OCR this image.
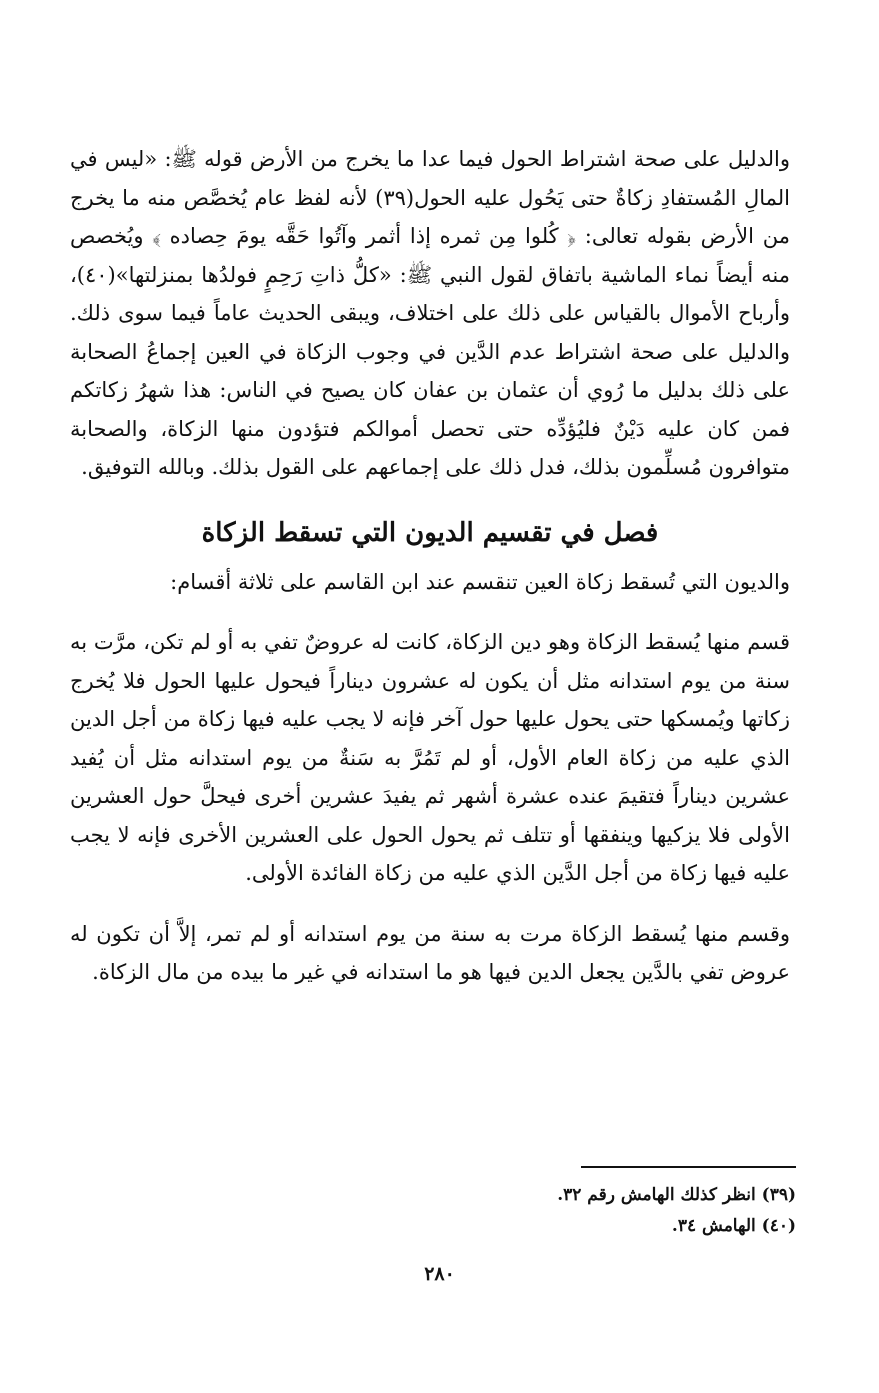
والدليل على صحة اشتراط الحول فيما عدا ما يخرج من الأرض قوله ﷺ: «ليس في المالِ المُستفادِ زكاةٌ حتى يَحُول عليه الحول(٣٩) لأنه لفظ عام يُخصَّص منه ما يخرج من الأرض بقوله تعالى: ﴿ كُلوا مِن ثمره إذا أثمر وآتُوا حَقَّه يومَ حِصاده ﴾ ويُخصص منه أيضاً نماء الماشية باتفاق لقول النبي ﷺ: «كلُّ ذاتِ رَحِمٍ فولدُها بمنزلتها»(٤٠)، وأرباح الأموال بالقياس على ذلك على اختلاف، ويبقى الحديث عاماً فيما سوى ذلك. والدليل على صحة اشتراط عدم الدَّين في وجوب الزكاة في العين إجماعُ الصحابة على ذلك بدليل ما رُوي أن عثمان بن عفان كان يصيح في الناس: هذا شهرُ زكاتكم فمن كان عليه دَيْنٌ فليُؤدِّه حتى تحصل أموالكم فتؤدون منها الزكاة، والصحابة متوافرون مُسلِّمون بذلك، فدل ذلك على إجماعهم على القول بذلك. وبالله التوفيق.

فصل في تقسيم الديون التي تسقط الزكاة

والديون التي تُسقط زكاة العين تنقسم عند ابن القاسم على ثلاثة أقسام:

قسم منها يُسقط الزكاة وهو دين الزكاة، كانت له عروضٌ تفي به أو لم تكن، مرَّت به سنة من يوم استدانه مثل أن يكون له عشرون ديناراً فيحول عليها الحول فلا يُخرج زكاتها ويُمسكها حتى يحول عليها حول آخر فإنه لا يجب عليه فيها زكاة من أجل الدين الذي عليه من زكاة العام الأول، أو لم تَمُرَّ به سَنةٌ من يوم استدانه مثل أن يُفيد عشرين ديناراً فتقيمَ عنده عشرة أشهر ثم يفيدَ عشرين أخرى فيحلَّ حول العشرين الأولى فلا يزكيها وينفقها أو تتلف ثم يحول الحول على العشرين الأخرى فإنه لا يجب عليه فيها زكاة من أجل الدَّين الذي عليه من زكاة الفائدة الأولى.

وقسم منها يُسقط الزكاة مرت به سنة من يوم استدانه أو لم تمر، إلاَّ أن تكون له عروض تفي بالدَّين يجعل الدين فيها هو ما استدانه في غير ما بيده من مال الزكاة.

(٣٩) انظر كذلك الهامش رقم ٣٢.

(٤٠) الهامش ٣٤.

٢٨٠
